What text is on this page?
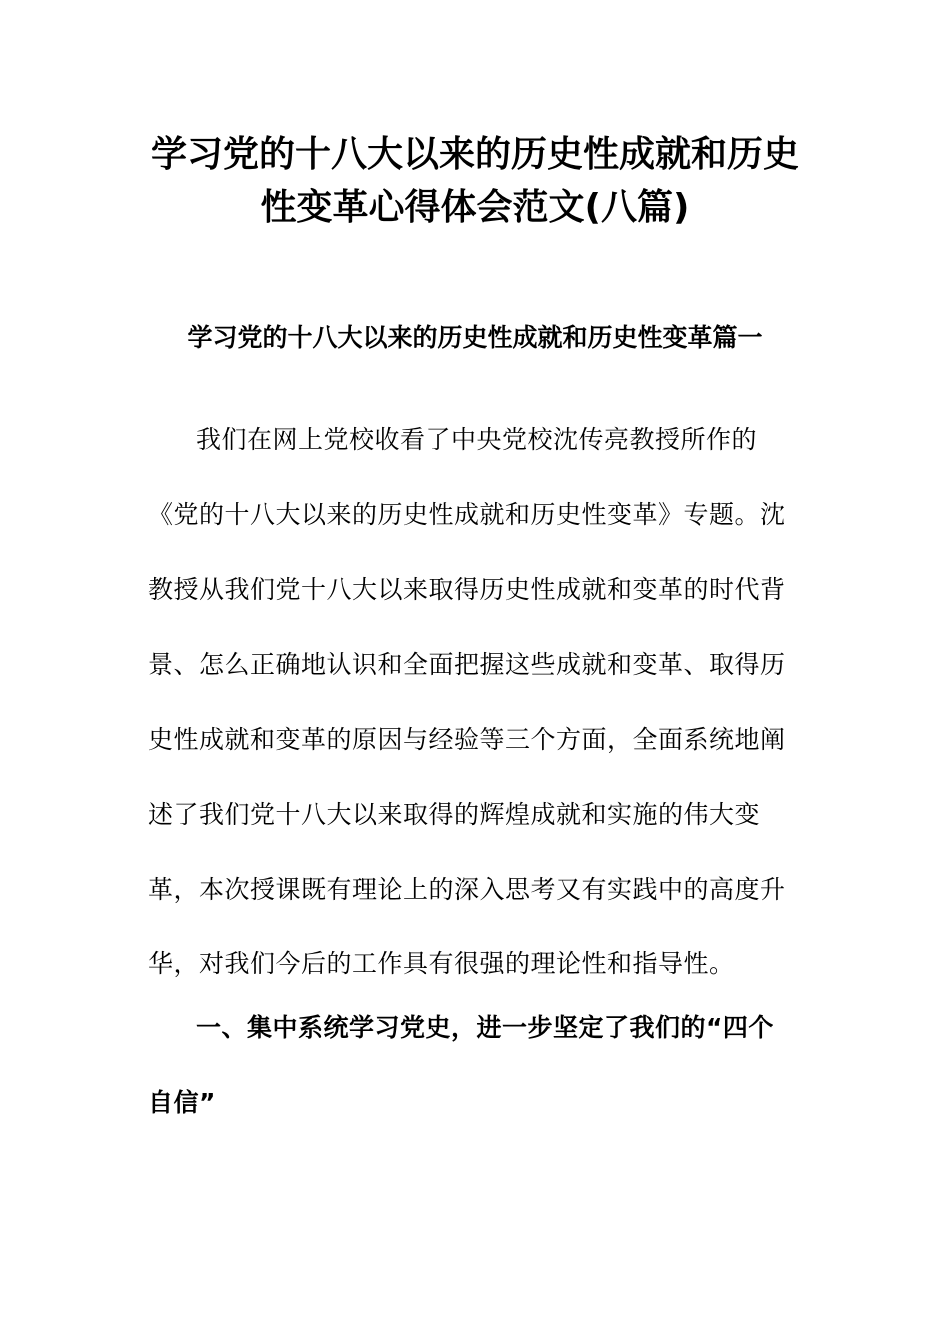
学习党的十八大以来的历史性成就和历史
性变革心得体会范文(八篇)
学习党的十八大以来的历史性成就和历史性变革篇一
我们在网上党校收看了中央党校沈传亮教授所作的
《党的十八大以来的历史性成就和历史性变革》专题。沈
教授从我们党十八大以来取得历史性成就和变革的时代背
景、怎么正确地认识和全面把握这些成就和变革、取得历
史性成就和变革的原因与经验等三个方面，全面系统地阐
述了我们党十八大以来取得的辉煌成就和实施的伟大变
革，本次授课既有理论上的深入思考又有实践中的高度升
华，对我们今后的工作具有很强的理论性和指导性。
一、集中系统学习党史，进一步坚定了我们的“四个
自信”
